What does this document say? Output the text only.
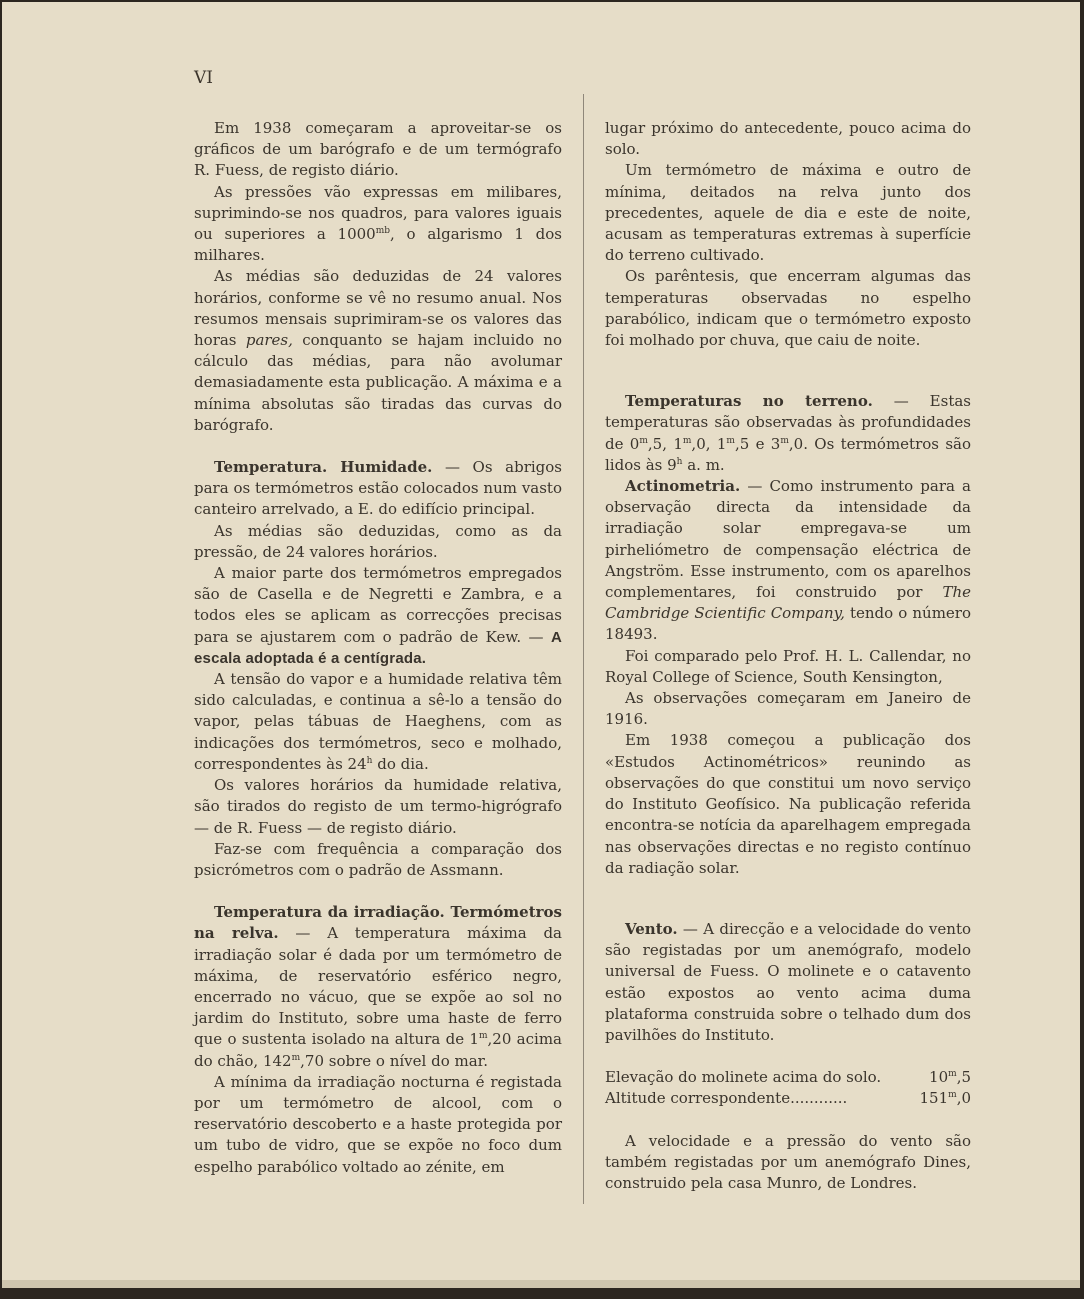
VI

Em 1938 começaram a aproveitar-se os gráficos de um barógrafo e de um termógrafo R. Fuess, de registo diário.

As pressões vão expressas em milibares, suprimindo-se nos quadros, para valores iguais ou superiores a $1000^{mb}$, o algarismo 1 dos milhares.

As médias são deduzidas de 24 valores horários, conforme se vê no resumo anual. Nos resumos mensais suprimiram-se os valores das horas pares, conquanto se hajam incluido no cálculo das médias, para não avolumar demasiadamente esta publicação. A máxima e a mínima absolutas são tiradas das curvas do barógrafo.

Temperatura. Humidade. — Os abrigos para os termómetros estão colocados num vasto canteiro arrelvado, a E. do edifício principal.

As médias são deduzidas, como as da pressão, de 24 valores horários.

A maior parte dos termómetros empregados são de Casella e de Negretti e Zambra, e a todos eles se aplicam as correcções precisas para se ajustarem com o padrão de Kew. — A escala adoptada é a centígrada.

A tensão do vapor e a humidade relativa têm sido calculadas, e continua a sê-lo a tensão do vapor, pelas tábuas de Haeghens, com as indicações dos termómetros, seco e molhado, correspondentes às 24$^h$ do dia.

Os valores horários da humidade relativa, são tirados do registo de um termo-higrógrafo — de R. Fuess — de registo diário.

Faz-se com frequência a comparação dos psicrómetros com o padrão de Assmann.

Temperatura da irradiação. Termómetros na relva. — A temperatura máxima da irradiação solar é dada por um termómetro de máxima, de reservatório esférico negro, encerrado no vácuo, que se expõe ao sol no jardim do Instituto, sobre uma haste de ferro que o sustenta isolado na altura de 1$^m$,20 acima do chão, 142$^m$,70 sobre o nível do mar.

A mínima da irradiação nocturna é registada por um termómetro de alcool, com o reservatório descoberto e a haste protegida por um tubo de vidro, que se expõe no foco dum espelho parabólico voltado ao zénite, em

lugar próximo do antecedente, pouco acima do solo.

Um termómetro de máxima e outro de mínima, deitados na relva junto dos precedentes, aquele de dia e este de noite, acusam as temperaturas extremas à superfície do terreno cultivado.

Os parêntesis, que encerram algumas das temperaturas observadas no espelho parabólico, indicam que o termómetro exposto foi molhado por chuva, que caiu de noite.

Temperaturas no terreno. — Estas temperaturas são observadas às profundidades de 0$^m$,5, 1$^m$,0, 1$^m$,5 e 3$^m$,0. Os termómetros são lidos às 9$^h$ a. m.

Actinometria. — Como instrumento para a observação directa da intensidade da irradiação solar empregava-se um pirheliómetro de compensação eléctrica de Angström. Esse instrumento, com os aparelhos complementares, foi construido por The Cambridge Scientific Company, tendo o número 18493.

Foi comparado pelo Prof. H. L. Callendar, no Royal College of Science, South Kensington,

As observações começaram em Janeiro de 1916.

Em 1938 começou a publicação dos «Estudos Actinométricos» reunindo as observações do que constitui um novo serviço do Instituto Geofísico. Na publicação referida encontra-se notícia da aparelhagem empregada nas observações directas e no registo contínuo da radiação solar.

Vento. — A direcção e a velocidade do vento são registadas por um anemógrafo, modelo universal de Fuess. O molinete e o catavento estão expostos ao vento acima duma plataforma construida sobre o telhado dum dos pavilhões do Instituto.

Elevação do molinete acima do solo.	10$^m$,5
Altitude correspondente............	151$^m$,0

A velocidade e a pressão do vento são também registadas por um anemógrafo Dines, construido pela casa Munro, de Londres.
